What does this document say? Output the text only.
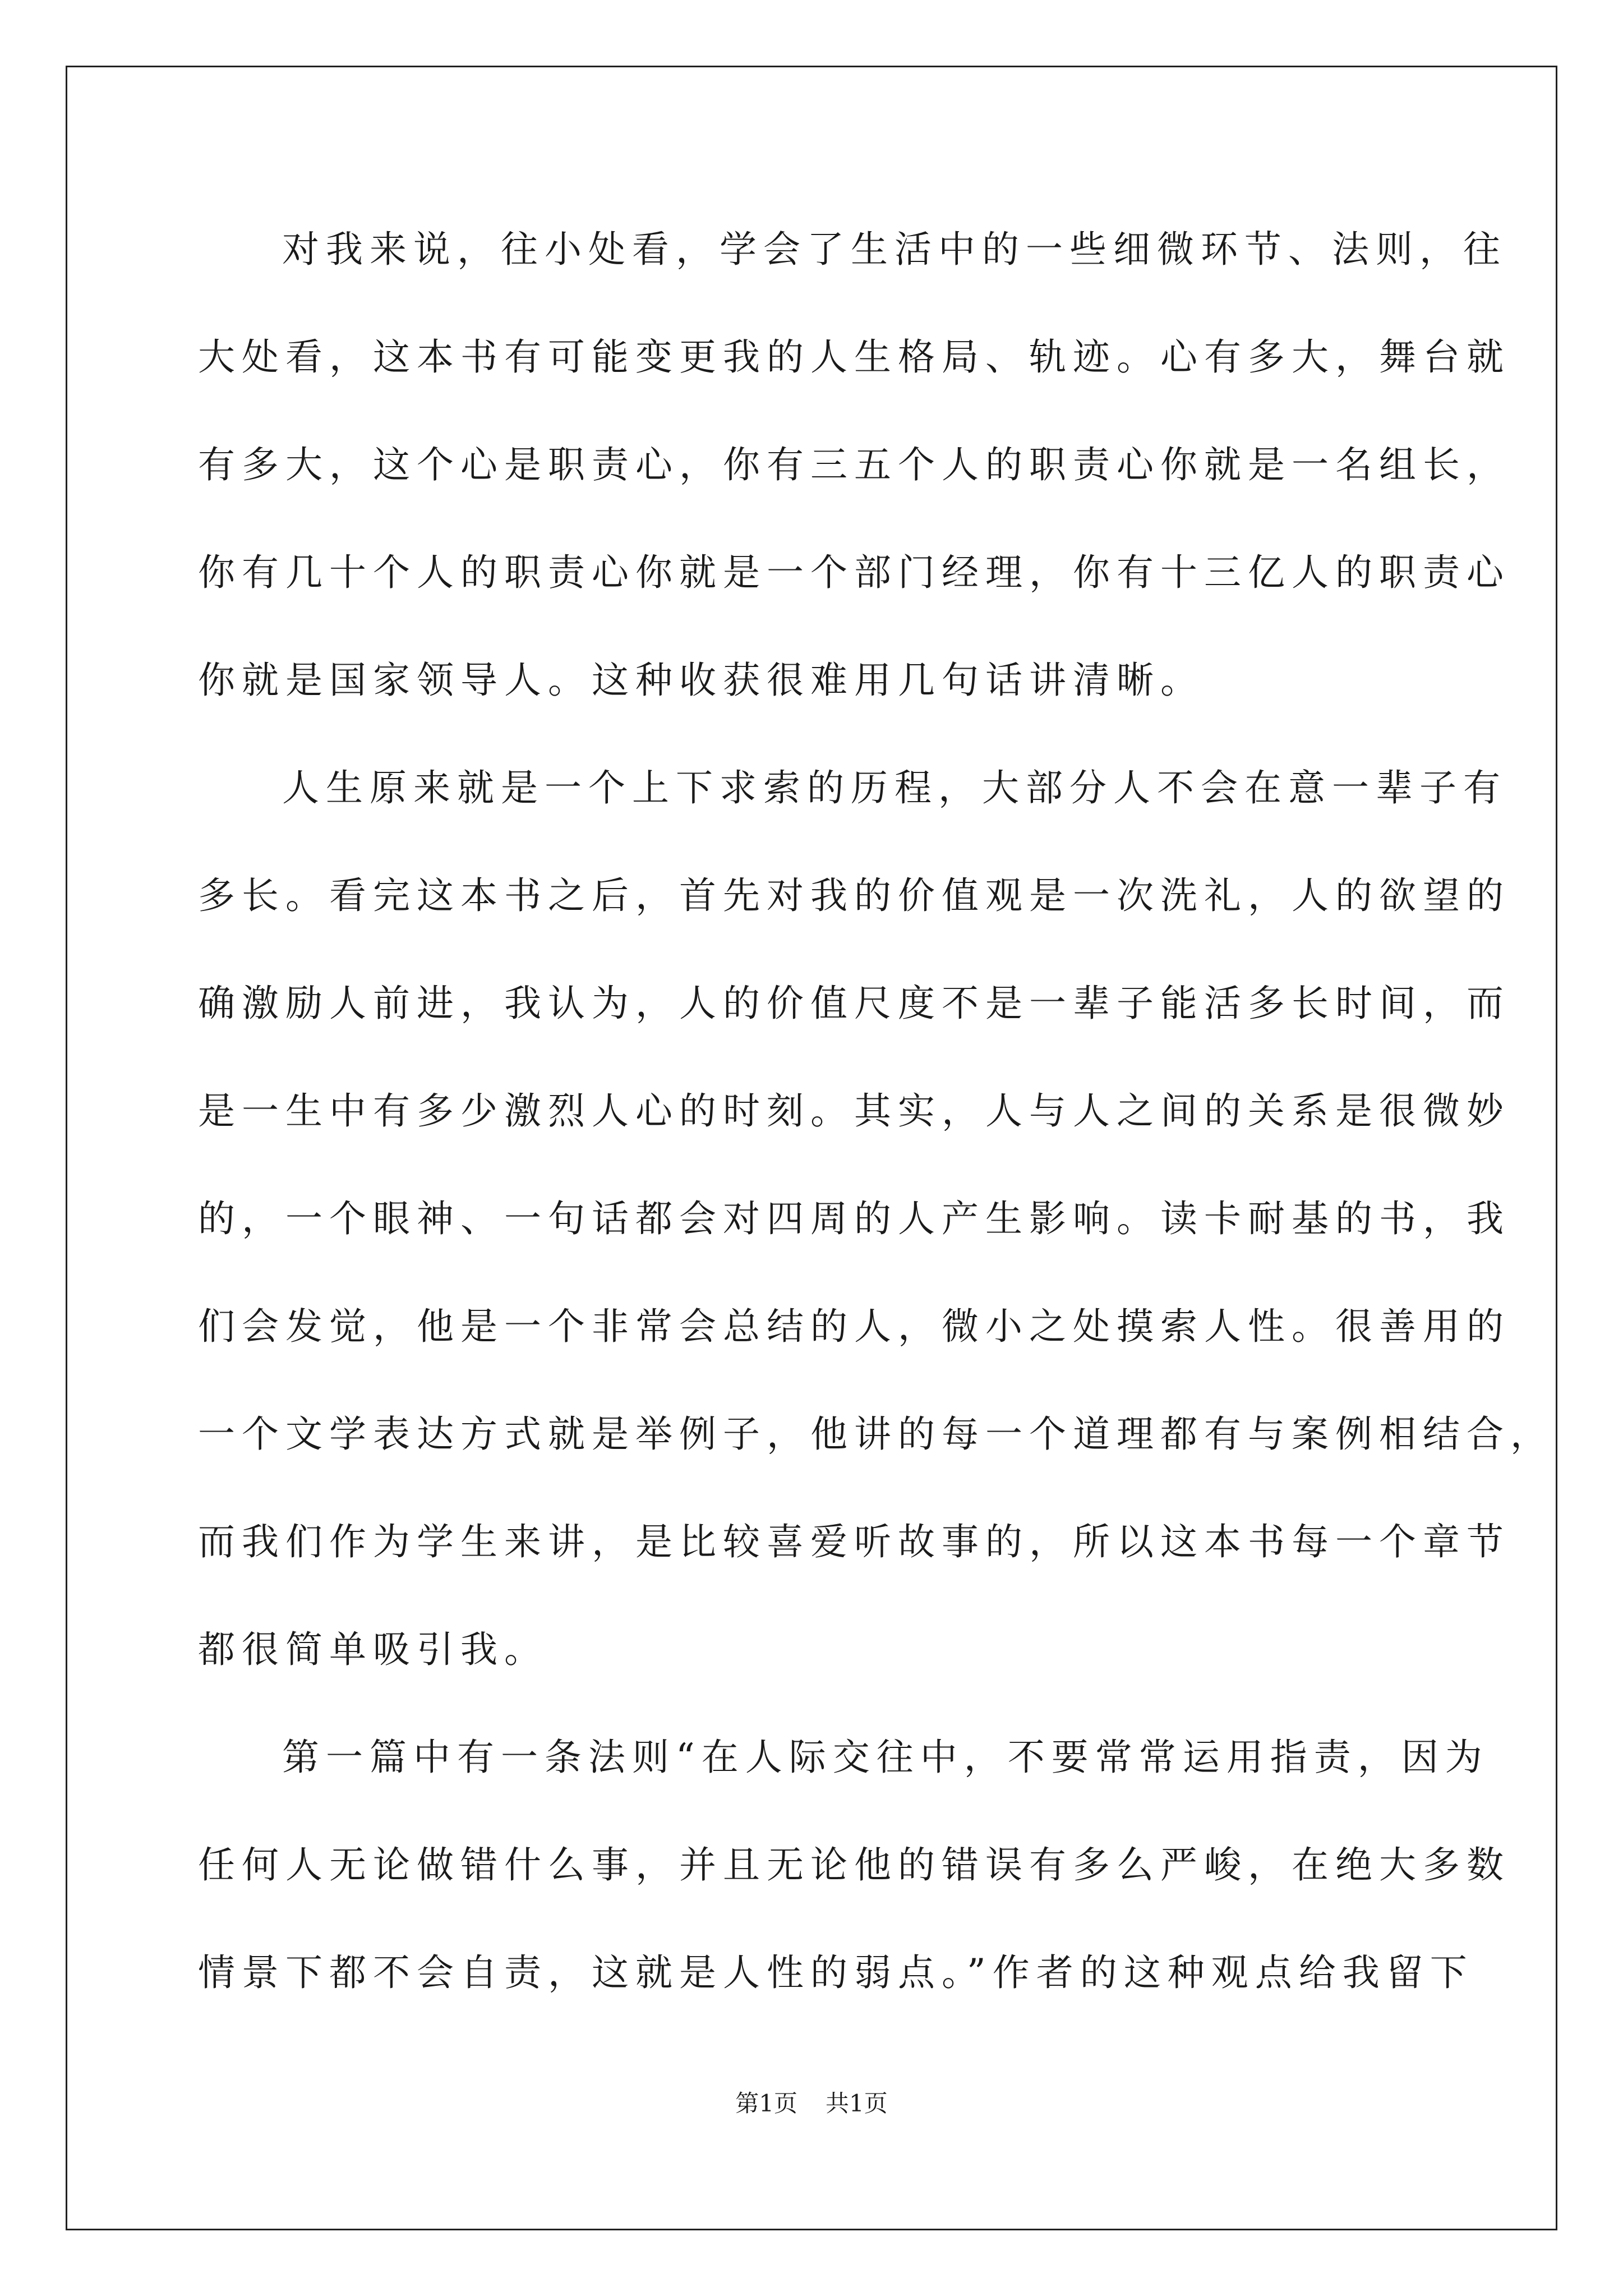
对我来说，往小处看，学会了生活中的一些细微环节、法则，往
大处看，这本书有可能变更我的人生格局、轨迹。心有多大，舞台就
有多大，这个心是职责心，你有三五个人的职责心你就是一名组长，
你有几十个人的职责心你就是一个部门经理，你有十三亿人的职责心
你就是国家领导人。这种收获很难用几句话讲清晰。
人生原来就是一个上下求索的历程，大部分人不会在意一辈子有
多长。看完这本书之后，首先对我的价值观是一次洗礼，人的欲望的
确激励人前进，我认为，人的价值尺度不是一辈子能活多长时间，而
是一生中有多少激烈人心的时刻。其实，人与人之间的关系是很微妙
的，一个眼神、一句话都会对四周的人产生影响。读卡耐基的书，我
们会发觉，他是一个非常会总结的人，微小之处摸索人性。很善用的
一个文学表达方式就是举例子，他讲的每一个道理都有与案例相结合，
而我们作为学生来讲，是比较喜爱听故事的，所以这本书每一个章节
都很简单吸引我。
第一篇中有一条法则“在人际交往中，不要常常运用指责，因为
任何人无论做错什么事，并且无论他的错误有多么严峻，在绝大多数
情景下都不会自责，这就是人性的弱点。”作者的这种观点给我留下
第1页 共1页
